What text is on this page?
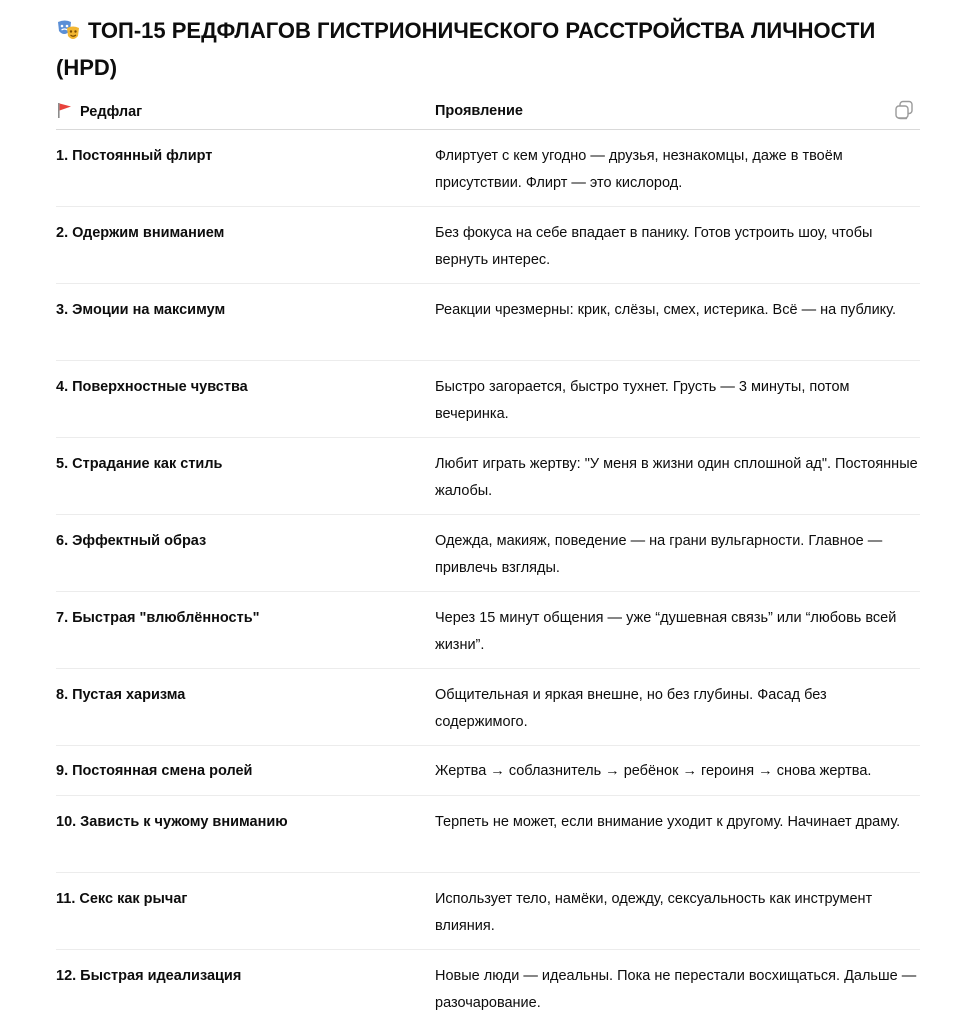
ТОП-15 РЕДФЛАГОВ ГИСТРИОНИЧЕСКОГО РАССТРОЙСТВА ЛИЧНОСТИ (HPD)
Редфлаг	Проявление
1. Постоянный флирт	Флиртует с кем угодно — друзья, незнакомцы, даже в твоём присутствии. Флирт — это кислород.
2. Одержим вниманием	Без фокуса на себе впадает в панику. Готов устроить шоу, чтобы вернуть интерес.
3. Эмоции на максимум	Реакции чрезмерны: крик, слёзы, смех, истерика. Всё — на публику.
4. Поверхностные чувства	Быстро загорается, быстро тухнет. Грусть — 3 минуты, потом вечеринка.
5. Страдание как стиль	Любит играть жертву: "У меня в жизни один сплошной ад". Постоянные жалобы.
6. Эффектный образ	Одежда, макияж, поведение — на грани вульгарности. Главное — привлечь взгляды.
7. Быстрая "влюблённость"	Через 15 минут общения — уже “душевная связь” или “любовь всей жизни”.
8. Пустая харизма	Общительная и яркая внешне, но без глубины. Фасад без содержимого.
9. Постоянная смена ролей	Жертва → соблазнитель → ребёнок → героиня → снова жертва.
10. Зависть к чужому вниманию	Терпеть не может, если внимание уходит к другому. Начинает драму.
11. Секс как рычаг	Использует тело, намёки, одежду, сексуальность как инструмент влияния.
12. Быстрая идеализация	Новые люди — идеальны. Пока не перестали восхищаться. Дальше — разочарование.
